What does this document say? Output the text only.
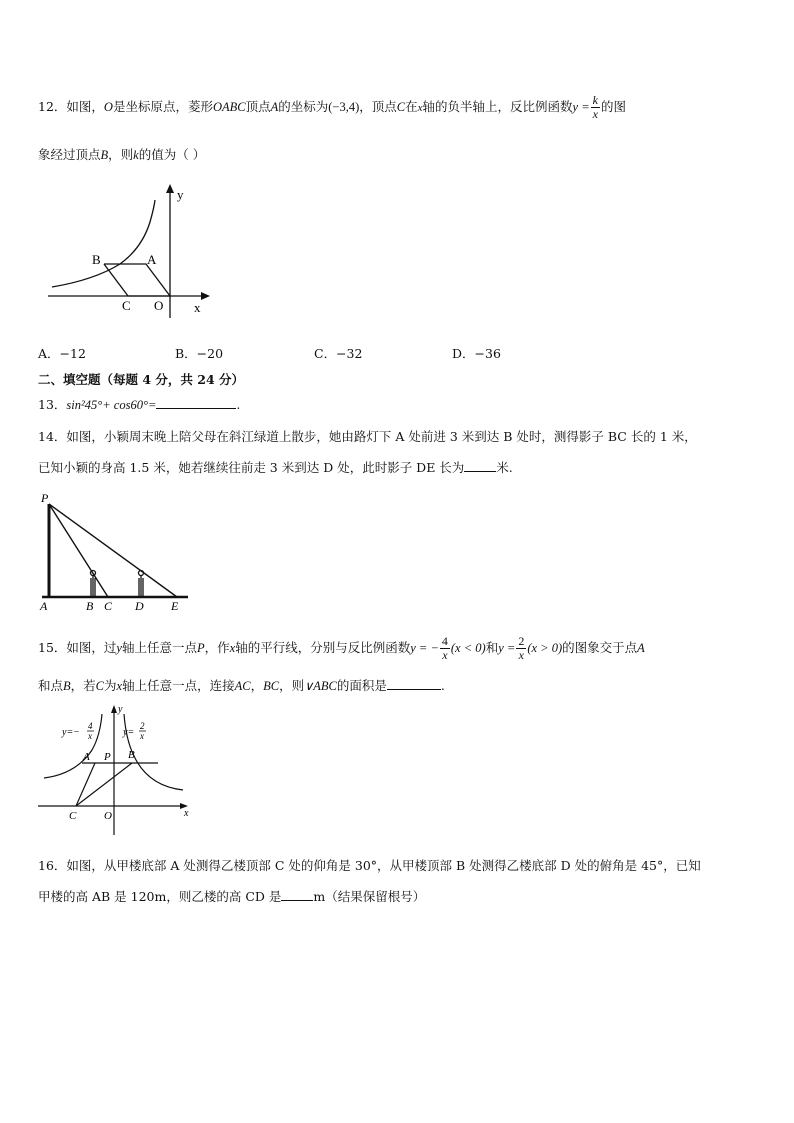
12．如图，O是坐标原点，菱形OABC顶点A的坐标为(−3,4)，顶点C在x轴的负半轴上，反比例函数$y = \frac{k}{x}$ 的图
象经过顶点B，则k的值为（ ）
B	A
C O x
y
A．−12	B．−20	C．−32	D．−36
二、填空题（每题 4 分，共 24 分）
13．sin²45°+ cos60°=	.
14．如图，小颖周末晚上陪父母在斜江绿道上散步，她由路灯下 A 处前进 3 米到达 B 处时，测得影子 BC 长的 1 米，
已知小颖的身高 1.5 米，她若继续往前走 3 米到达 D 处，此时影子 DE 长为	米.
P
A	B C D E
15．如图，过y轴上任意一点P，作x轴的平行线，分别与反比例函数y = − $\frac{4}{x} (x < 0)$和$y = \frac{2}{x} (x > 0)$的图象交于点A
和点B，若C为x轴上任意一点，连接AC，BC，则∨ABC的面积是	.
y=−
4
x	y=
2
x
A P B
C	O	x
y
16．如图，从甲楼底部 A 处测得乙楼顶部 C 处的仰角是 30°，从甲楼顶部 B 处测得乙楼底部 D 处的俯角是 45°，已知
甲楼的高 AB 是 120m，则乙楼的高 CD 是	m（结果保留根号）
